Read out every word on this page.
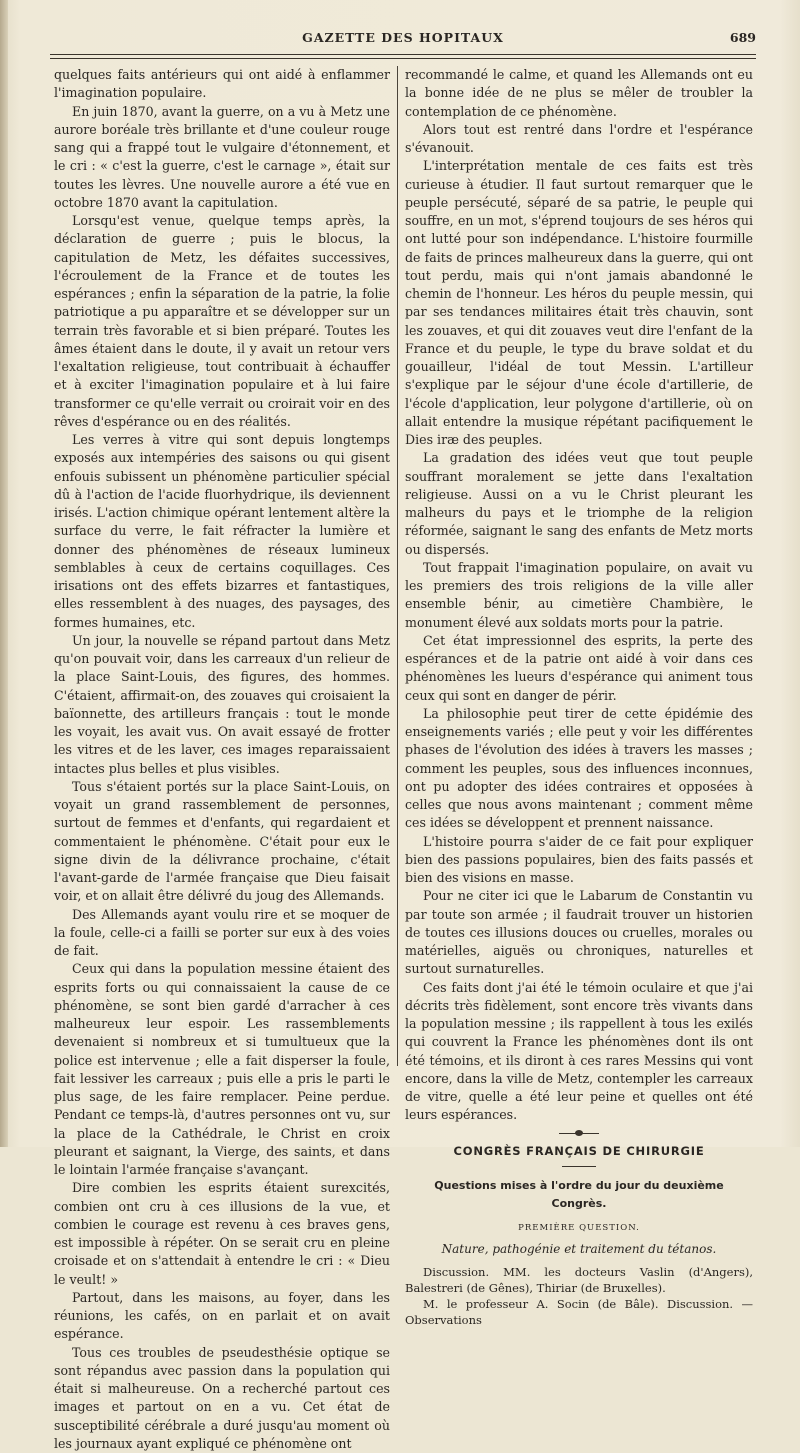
GAZETTE DES HOPITAUX	689

quelques faits antérieurs qui ont aidé à enflammer l'imagination populaire.

En juin 1870, avant la guerre, on a vu à Metz une aurore boréale très brillante et d'une couleur rouge sang qui a frappé tout le vulgaire d'étonnement, et le cri : « c'est la guerre, c'est le carnage », était sur toutes les lèvres. Une nouvelle aurore a été vue en octobre 1870 avant la capitulation.

Lorsqu'est venue, quelque temps après, la déclaration de guerre ; puis le blocus, la capitulation de Metz, les défaites successives, l'écroulement de la France et de toutes les espérances ; enfin la séparation de la patrie, la folie patriotique a pu apparaître et se développer sur un terrain très favorable et si bien préparé. Toutes les âmes étaient dans le doute, il y avait un retour vers l'exaltation religieuse, tout contribuait à échauffer et à exciter l'imagination populaire et à lui faire transformer ce qu'elle verrait ou croirait voir en des rêves d'espérance ou en des réalités.

Les verres à vitre qui sont depuis longtemps exposés aux intempéries des saisons ou qui gisent enfouis subissent un phénomène particulier spécial dû à l'action de l'acide fluorhydrique, ils deviennent irisés. L'action chimique opérant lentement altère la surface du verre, le fait réfracter la lumière et donner des phénomènes de réseaux lumineux semblables à ceux de certains coquillages. Ces irisations ont des effets bizarres et fantastiques, elles ressemblent à des nuages, des paysages, des formes humaines, etc.

Un jour, la nouvelle se répand partout dans Metz qu'on pouvait voir, dans les carreaux d'un relieur de la place Saint-Louis, des figures, des hommes. C'étaient, affirmait-on, des zouaves qui croisaient la baïonnette, des artilleurs français : tout le monde les voyait, les avait vus. On avait essayé de frotter les vitres et de les laver, ces images reparaissaient intactes plus belles et plus visibles.

Tous s'étaient portés sur la place Saint-Louis, on voyait un grand rassemblement de personnes, surtout de femmes et d'enfants, qui regardaient et commentaient le phénomène. C'était pour eux le signe divin de la délivrance prochaine, c'était l'avant-garde de l'armée française que Dieu faisait voir, et on allait être délivré du joug des Allemands.

Des Allemands ayant voulu rire et se moquer de la foule, celle-ci a failli se porter sur eux à des voies de fait.

Ceux qui dans la population messine étaient des esprits forts ou qui connaissaient la cause de ce phénomène, se sont bien gardé d'arracher à ces malheureux leur espoir. Les rassemblements devenaient si nombreux et si tumultueux que la police est intervenue ; elle a fait disperser la foule, fait lessiver les carreaux ; puis elle a pris le parti le plus sage, de les faire remplacer. Peine perdue. Pendant ce temps-là, d'autres personnes ont vu, sur la place de la Cathédrale, le Christ en croix pleurant et saignant, la Vierge, des saints, et dans le lointain l'armée française s'avançant.

Dire combien les esprits étaient surexcités, combien ont cru à ces illusions de la vue, et combien le courage est revenu à ces braves gens, est impossible à répéter. On se serait cru en pleine croisade et on s'attendait à entendre le cri : « Dieu le veult! »

Partout, dans les maisons, au foyer, dans les réunions, les cafés, on en parlait et on avait espérance.

Tous ces troubles de pseudesthésie optique se sont répandus avec passion dans la population qui était si malheureuse. On a recherché partout ces images et partout on en a vu. Cet état de susceptibilité cérébrale a duré jusqu'au moment où les journaux ayant expliqué ce phénomène ont

recommandé le calme, et quand les Allemands ont eu la bonne idée de ne plus se mêler de troubler la contemplation de ce phénomène.

Alors tout est rentré dans l'ordre et l'espérance s'évanouit.

L'interprétation mentale de ces faits est très curieuse à étudier. Il faut surtout remarquer que le peuple persécuté, séparé de sa patrie, le peuple qui souffre, en un mot, s'éprend toujours de ses héros qui ont lutté pour son indépendance. L'histoire fourmille de faits de princes malheureux dans la guerre, qui ont tout perdu, mais qui n'ont jamais abandonné le chemin de l'honneur. Les héros du peuple messin, qui par ses tendances militaires était très chauvin, sont les zouaves, et qui dit zouaves veut dire l'enfant de la France et du peuple, le type du brave soldat et du gouailleur, l'idéal de tout Messin. L'artilleur s'explique par le séjour d'une école d'artillerie, de l'école d'application, leur polygone d'artillerie, où on allait entendre la musique répétant pacifiquement le Dies iræ des peuples.

La gradation des idées veut que tout peuple souffrant moralement se jette dans l'exaltation religieuse. Aussi on a vu le Christ pleurant les malheurs du pays et le triomphe de la religion réformée, saignant le sang des enfants de Metz morts ou dispersés.

Tout frappait l'imagination populaire, on avait vu les premiers des trois religions de la ville aller ensemble bénir, au cimetière Chambière, le monument élevé aux soldats morts pour la patrie.

Cet état impressionnel des esprits, la perte des espérances et de la patrie ont aidé à voir dans ces phénomènes les lueurs d'espérance qui animent tous ceux qui sont en danger de périr.

La philosophie peut tirer de cette épidémie des enseignements variés ; elle peut y voir les différentes phases de l'évolution des idées à travers les masses ; comment les peuples, sous des influences inconnues, ont pu adopter des idées contraires et opposées à celles que nous avons maintenant ; comment même ces idées se développent et prennent naissance.

L'histoire pourra s'aider de ce fait pour expliquer bien des passions populaires, bien des faits passés et bien des visions en masse.

Pour ne citer ici que le Labarum de Constantin vu par toute son armée ; il faudrait trouver un historien de toutes ces illusions douces ou cruelles, morales ou matérielles, aiguës ou chroniques, naturelles et surtout surnaturelles.

Ces faits dont j'ai été le témoin oculaire et que j'ai décrits très fidèlement, sont encore très vivants dans la population messine ; ils rappellent à tous les exilés qui couvrent la France les phénomènes dont ils ont été témoins, et ils diront à ces rares Messins qui vont encore, dans la ville de Metz, contempler les carreaux de vitre, quelle a été leur peine et quelles ont été leurs espérances.

CONGRÈS FRANÇAIS DE CHIRURGIE
Questions mises à l'ordre du jour du deuxième Congrès.
PREMIÈRE QUESTION.
Nature, pathogénie et traitement du tétanos.

Discussion. MM. les docteurs Vaslin (d'Angers), Balestreri (de Gênes), Thiriar (de Bruxelles).

M. le professeur A. Socin (de Bâle). Discussion. — Observations
